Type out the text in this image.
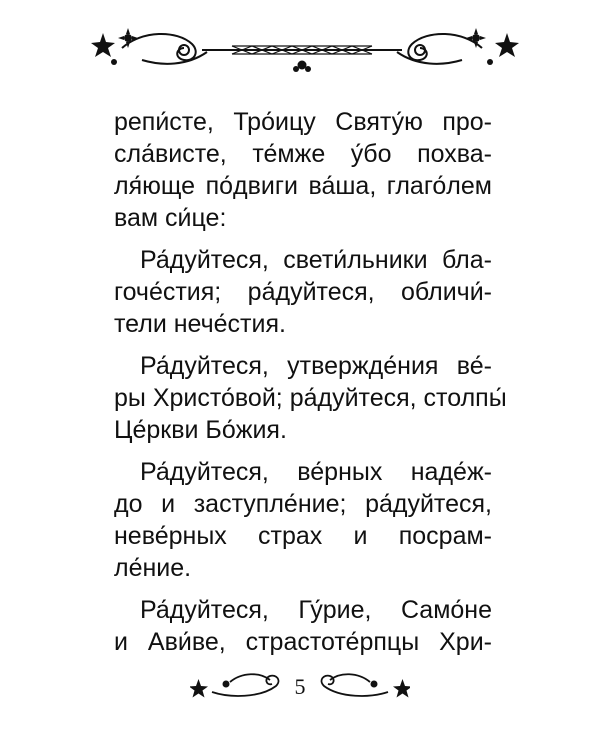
репи́сте, Тро́ицу Святу́ю про-
сла́висте, те́мже у́бо похва-
ля́юще по́двиги ва́ша, глаго́лем
вам си́це:
Ра́дуйтеся, свети́льники бла-
гоче́стия; ра́дуйтеся, обличи́-
тели нече́стия.
Ра́дуйтеся, утвержде́ния ве́-
ры Христо́вой; ра́дуйтеся, столпы́
Це́ркви Бо́жия.
Ра́дуйтеся, ве́рных наде́ж-
до и заступле́ние; ра́дуйтеся,
неве́рных страх и посрам-
ле́ние.
Ра́дуйтеся, Гу́рие, Само́не
и Ави́ве, страстоте́рпцы Хри-
5
